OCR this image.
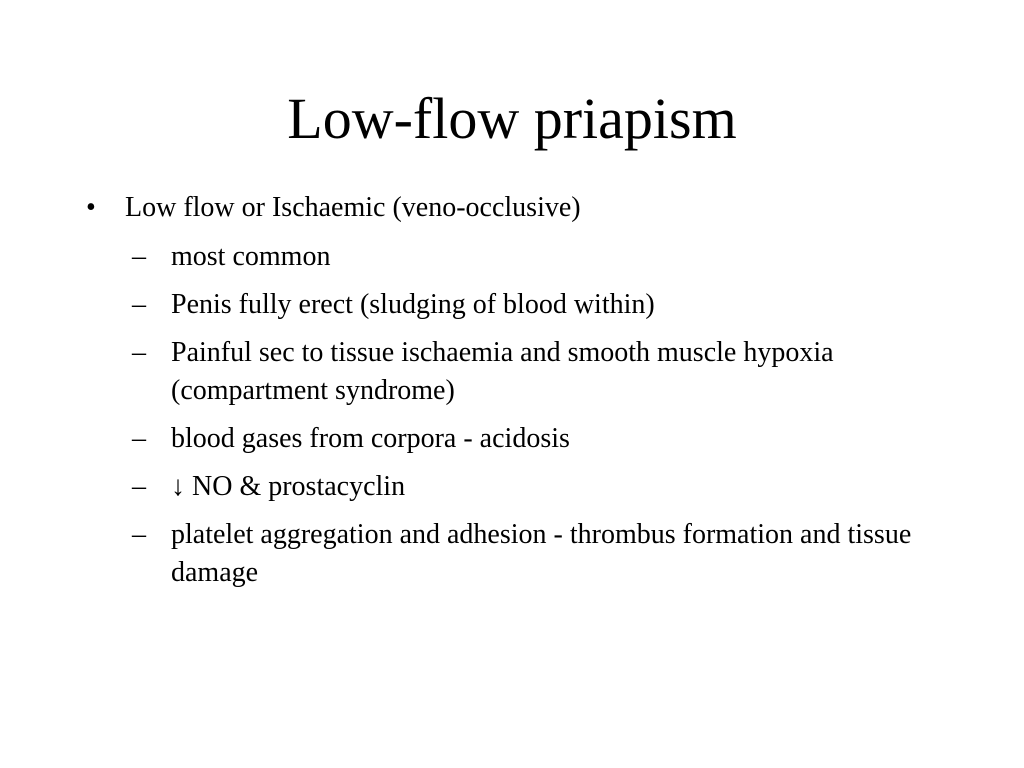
Low-flow priapism
• Low flow or Ischaemic (veno-occlusive)
– most common
– Penis fully erect (sludging of blood within)
– Painful sec to tissue ischaemia and smooth muscle hypoxia (compartment syndrome)
– blood gases from corpora - acidosis
– ↓ NO & prostacyclin
– platelet aggregation and adhesion - thrombus formation and tissue damage
